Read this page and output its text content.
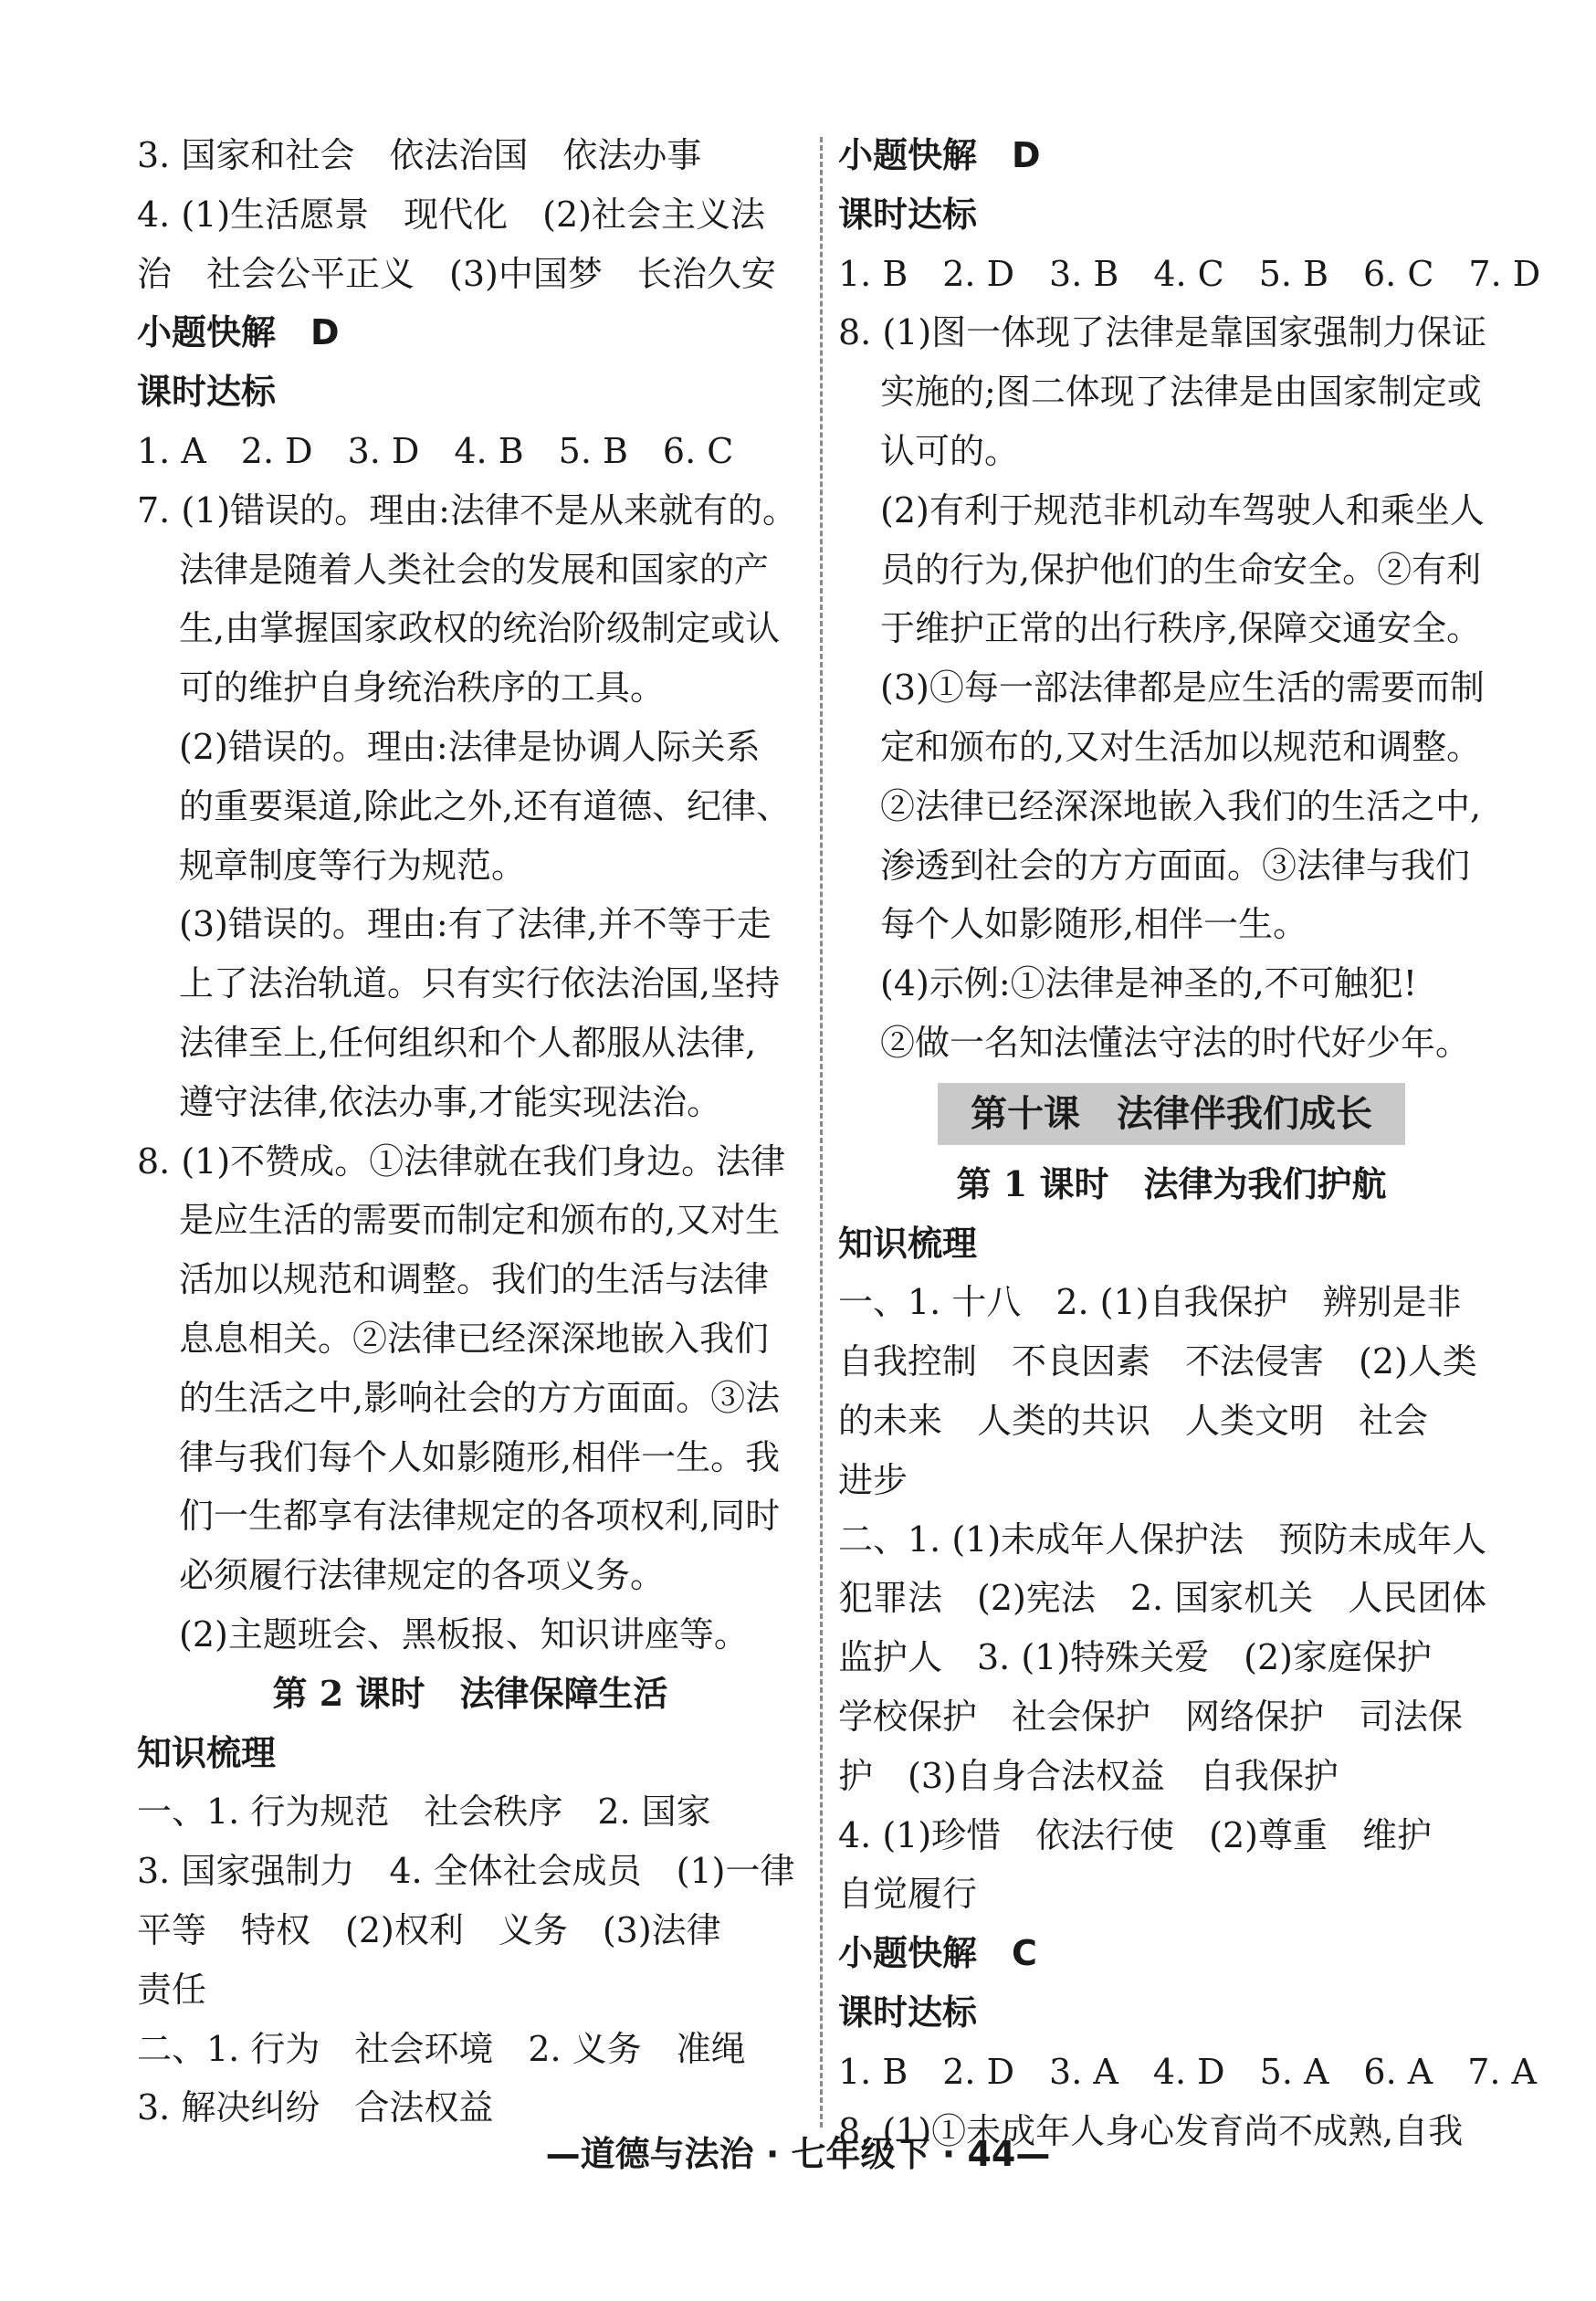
3. 国家和社会　依法治国　依法办事
4. (1)生活愿景　现代化　(2)社会主义法
治　社会公平正义　(3)中国梦　长治久安
小题快解　D
课时达标
1. A　2. D　3. D　4. B　5. B　6. C
7. (1)错误的。理由:法律不是从来就有的。
法律是随着人类社会的发展和国家的产
生,由掌握国家政权的统治阶级制定或认
可的维护自身统治秩序的工具。
(2)错误的。理由:法律是协调人际关系
的重要渠道,除此之外,还有道德、纪律、
规章制度等行为规范。
(3)错误的。理由:有了法律,并不等于走
上了法治轨道。只有实行依法治国,坚持
法律至上,任何组织和个人都服从法律,
遵守法律,依法办事,才能实现法治。
8. (1)不赞成。①法律就在我们身边。法律
是应生活的需要而制定和颁布的,又对生
活加以规范和调整。我们的生活与法律
息息相关。②法律已经深深地嵌入我们
的生活之中,影响社会的方方面面。③法
律与我们每个人如影随形,相伴一生。我
们一生都享有法律规定的各项权利,同时
必须履行法律规定的各项义务。
(2)主题班会、黑板报、知识讲座等。
第 2 课时　法律保障生活
知识梳理
一、1. 行为规范　社会秩序　2. 国家
3. 国家强制力　4. 全体社会成员　(1)一律
平等　特权　(2)权利　义务　(3)法律
责任
二、1. 行为　社会环境　2. 义务　准绳
3. 解决纠纷　合法权益
小题快解　D
课时达标
1. B　2. D　3. B　4. C　5. B　6. C　7. D
8. (1)图一体现了法律是靠国家强制力保证
实施的;图二体现了法律是由国家制定或
认可的。
(2)有利于规范非机动车驾驶人和乘坐人
员的行为,保护他们的生命安全。②有利
于维护正常的出行秩序,保障交通安全。
(3)①每一部法律都是应生活的需要而制
定和颁布的,又对生活加以规范和调整。
②法律已经深深地嵌入我们的生活之中,
渗透到社会的方方面面。③法律与我们
每个人如影随形,相伴一生。
(4)示例:①法律是神圣的,不可触犯!
②做一名知法懂法守法的时代好少年。
第十课　法律伴我们成长
第 1 课时　法律为我们护航
知识梳理
一、1. 十八　2. (1)自我保护　辨别是非
自我控制　不良因素　不法侵害　(2)人类
的未来　人类的共识　人类文明　社会
进步
二、1. (1)未成年人保护法　预防未成年人
犯罪法　(2)宪法　2. 国家机关　人民团体
监护人　3. (1)特殊关爱　(2)家庭保护
学校保护　社会保护　网络保护　司法保
护　(3)自身合法权益　自我保护
4. (1)珍惜　依法行使　(2)尊重　维护
自觉履行
小题快解　C
课时达标
1. B　2. D　3. A　4. D　5. A　6. A　7. A
8. (1)①未成年人身心发育尚不成熟,自我
—道德与法治 · 七年级下 · 44—
